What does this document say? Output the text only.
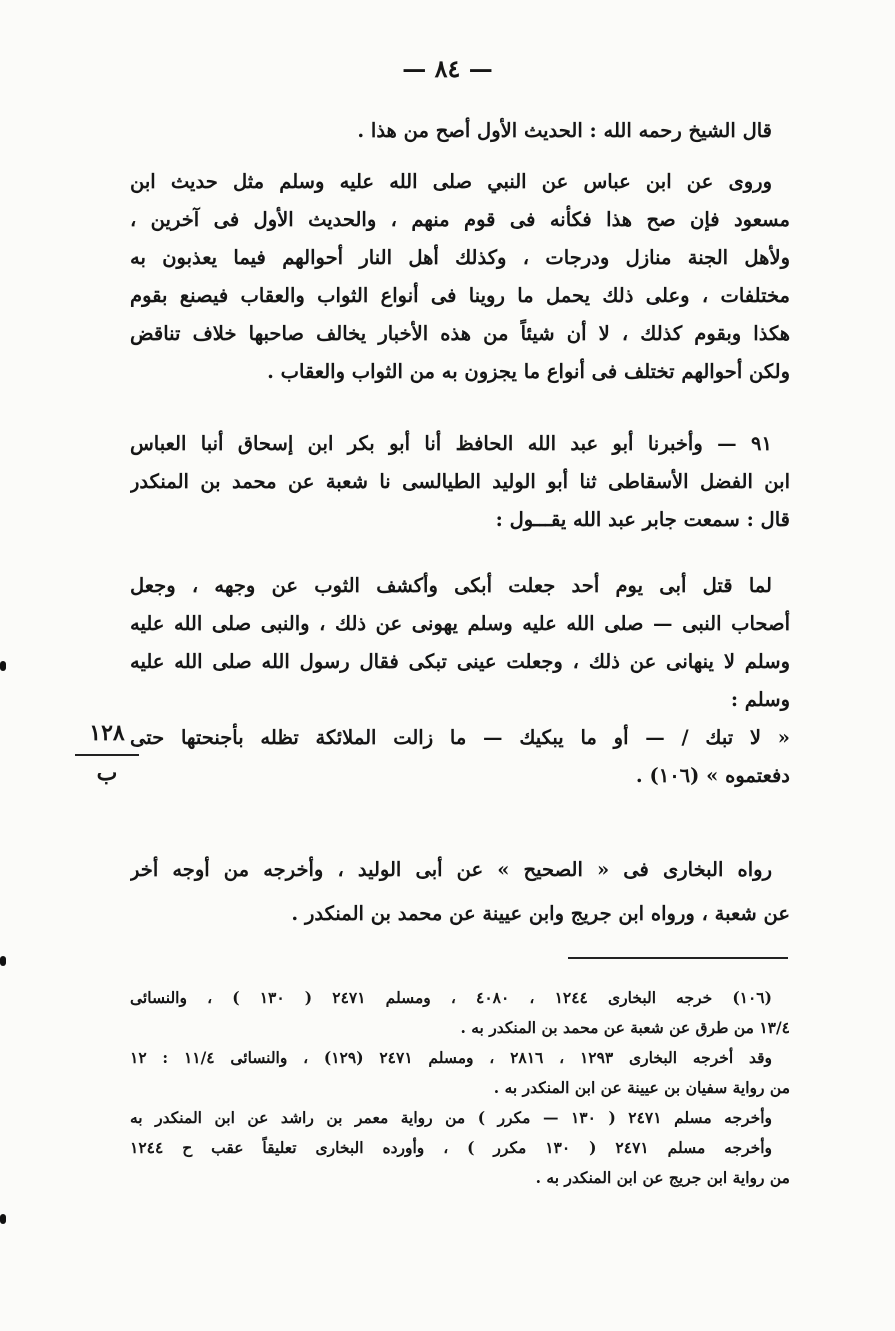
— ٨٤ —

قال الشيخ رحمه الله : الحديث الأول أصح من هذا .

وروى عن ابن عباس عن النبي صلى الله عليه وسلم مثل حديث ابن
مسعود فإن صح هذا فكأنه فى قوم منهم ، والحديث الأول فى آخرين ،
ولأهل الجنة منازل ودرجات ، وكذلك أهل النار أحوالهم فيما يعذبون به
مختلفات ، وعلى ذلك يحمل ما روينا فى أنواع الثواب والعقاب فيصنع بقوم
هكذا وبقوم كذلك ، لا أن شيئاً من هذه الأخبار يخالف صاحبها خلاف تناقض
ولكن أحوالهم تختلف فى أنواع ما يجزون به من الثواب والعقاب .
٩١ — وأخبرنا أبو عبد الله الحافظ أنا أبو بكر ابن إسحاق أنبا العباس
ابن الفضل الأسقاطى ثنا أبو الوليد الطيالسى نا شعبة عن محمد بن المنكدر
قال : سمعت جابر عبد الله يقـــول :
لما قتل أبى يوم أحد جعلت أبكى وأكشف الثوب عن وجهه ، وجعل
أصحاب النبى — صلى الله عليه وسلم يهونى عن ذلك ، والنبى صلى الله عليه
وسلم لا ينهانى عن ذلك ، وجعلت عينى تبكى فقال رسول الله صلى الله عليه
وسلم :
« لا تبك / — أو ما يبكيك — ما زالت الملائكة تظله بأجنحتها حتى
دفعتموه » (١٠٦) .
رواه البخارى فى « الصحيح » عن أبى الوليد ، وأخرجه من أوجه أخر
عن شعبة ، ورواه ابن جريج وابن عيينة عن محمد بن المنكدر .
١٢٨
ب
(١٠٦) خرجه البخارى ١٢٤٤ ، ٤٠٨٠ ، ومسلم ٢٤٧١ ( ١٣٠ ) ، والنسائى
١٣/٤ من طرق عن شعبة عن محمد بن المنكدر به .
وقد أخرجه البخارى ١٢٩٣ ، ٢٨١٦ ، ومسلم ٢٤٧١ (١٢٩) ، والنسائى ١١/٤ : ١٢
من رواية سفيان بن عيينة عن ابن المنكدر به .
وأخرجه مسلم ٢٤٧١ ( ١٣٠ — مكرر ) من رواية معمر بن راشد عن ابن المنكدر به
وأخرجه مسلم ٢٤٧١ ( ١٣٠ مكرر ) ، وأورده البخارى تعليقاً عقب ح ١٢٤٤
من رواية ابن جريج عن ابن المنكدر به .
